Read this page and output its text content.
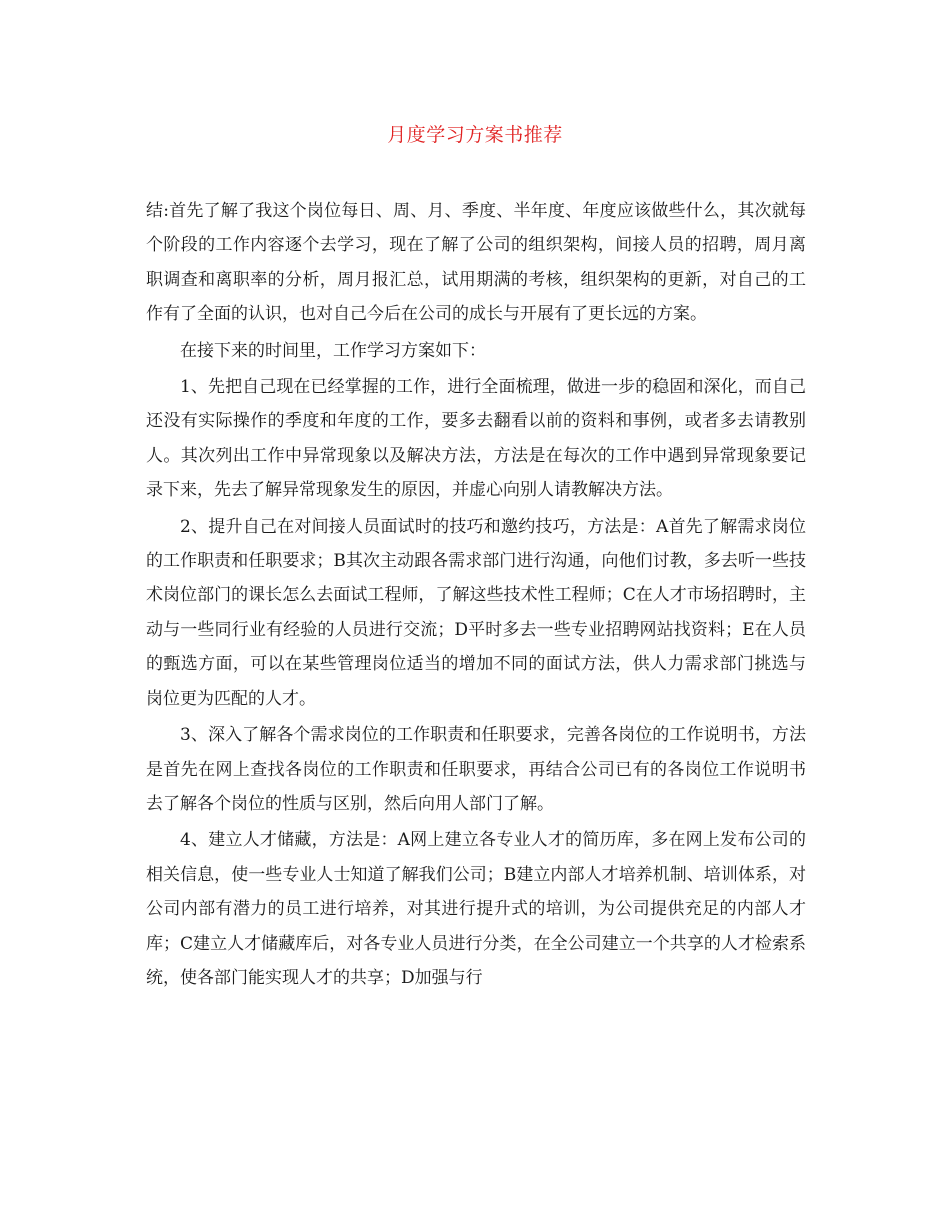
月度学习方案书推荐

结:首先了解了我这个岗位每日、周、月、季度、半年度、年度应该做些什么，其次就每个阶段的工作内容逐个去学习，现在了解了公司的组织架构，间接人员的招聘，周月离职调查和离职率的分析，周月报汇总，试用期满的考核，组织架构的更新，对自己的工作有了全面的认识，也对自己今后在公司的成长与开展有了更长远的方案。

在接下来的时间里，工作学习方案如下：

1、先把自己现在已经掌握的工作，进行全面梳理，做进一步的稳固和深化，而自己还没有实际操作的季度和年度的工作，要多去翻看以前的资料和事例，或者多去请教别人。其次列出工作中异常现象以及解决方法，方法是在每次的工作中遇到异常现象要记录下来，先去了解异常现象发生的原因，并虚心向别人请教解决方法。

2、提升自己在对间接人员面试时的技巧和邀约技巧，方法是：A首先了解需求岗位的工作职责和任职要求；B其次主动跟各需求部门进行沟通，向他们讨教，多去听一些技术岗位部门的课长怎么去面试工程师，了解这些技术性工程师；C在人才市场招聘时，主动与一些同行业有经验的人员进行交流；D平时多去一些专业招聘网站找资料；E在人员的甄选方面，可以在某些管理岗位适当的增加不同的面试方法，供人力需求部门挑选与岗位更为匹配的人才。

3、深入了解各个需求岗位的工作职责和任职要求，完善各岗位的工作说明书，方法是首先在网上查找各岗位的工作职责和任职要求，再结合公司已有的各岗位工作说明书去了解各个岗位的性质与区别，然后向用人部门了解。

4、建立人才储藏，方法是：A网上建立各专业人才的简历库，多在网上发布公司的相关信息，使一些专业人士知道了解我们公司；B建立内部人才培养机制、培训体系，对公司内部有潜力的员工进行培养，对其进行提升式的培训，为公司提供充足的内部人才库；C建立人才储藏库后，对各专业人员进行分类，在全公司建立一个共享的人才检索系统，使各部门能实现人才的共享；D加强与行
